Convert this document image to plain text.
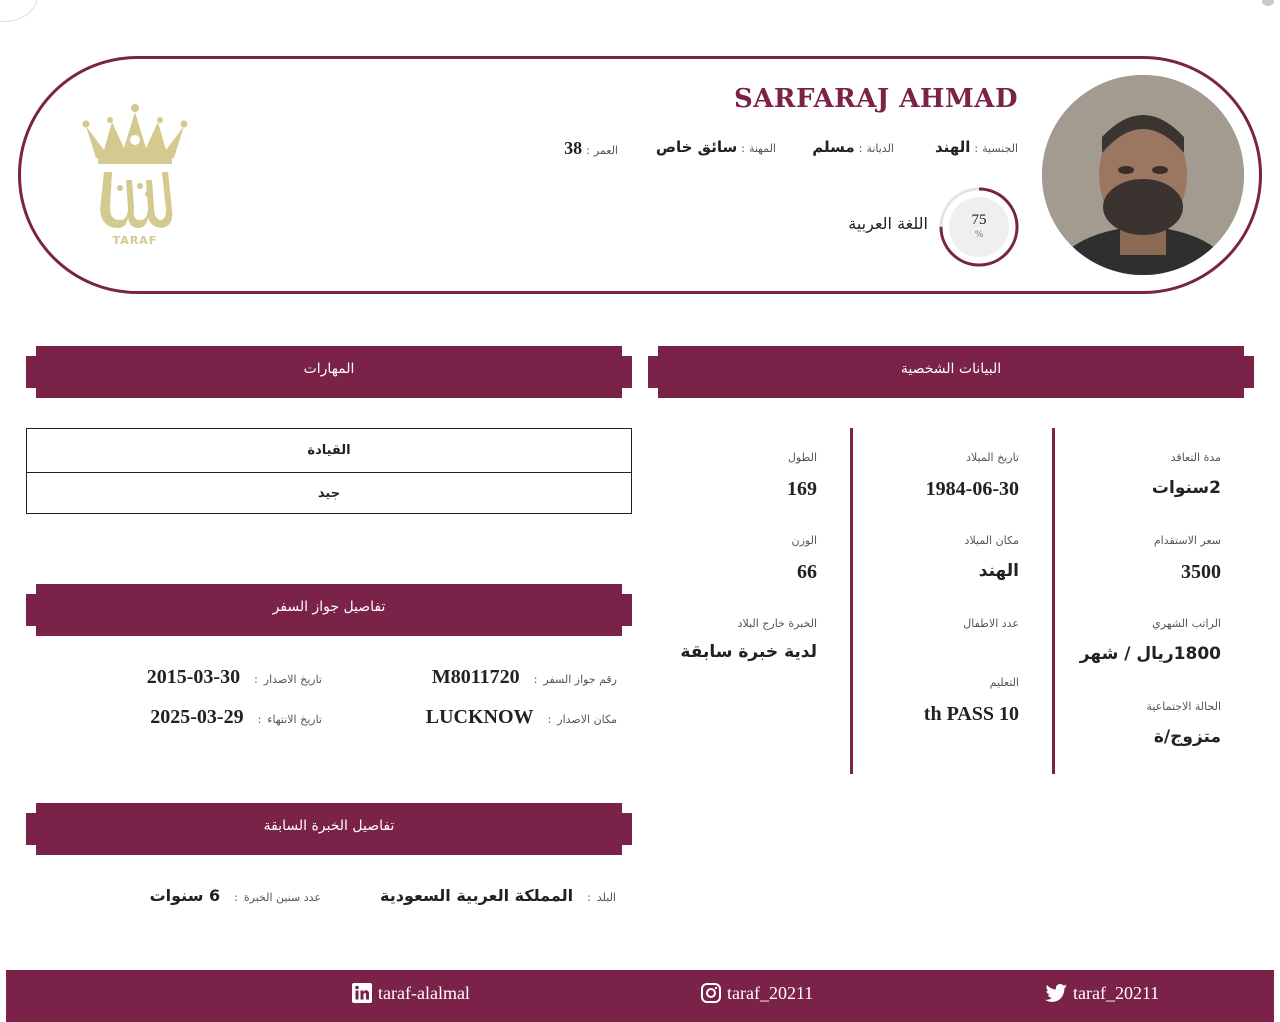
SARFARAJ AHMAD
الجنسية
:
الهند
الديانة
:
مسلم
المهنة
:
سائق خاص
العمر
:
38
75
%
اللغة العربية
TARAF
البيانات الشخصية
مدة التعاقد
2سنوات
سعر الاستقدام
3500
الراتب الشهري
1800ريال / شهر
الحالة الاجتماعية
متزوج/ة
تاريخ الميلاد
1984-06-30
مكان الميلاد
الهند
عدد الاطفال
التعليم
th PASS 10
الطول
169
الوزن
66
الخبرة خارج البلاد
لدية خبرة سابقة
المهارات
القيادة
جيد
تفاصيل جواز السفر
رقم جواز السفر
:
M8011720
تاريخ الاصدار
:
2015-03-30
مكان الاصدار
:
LUCKNOW
تاريخ الانتهاء
:
2025-03-29
تفاصيل الخبرة السابقة
البلد
:
المملكة العربية السعودية
عدد سنين الخبرة
:
6 سنوات
taraf-alalmal	taraf_20211	taraf_20211
